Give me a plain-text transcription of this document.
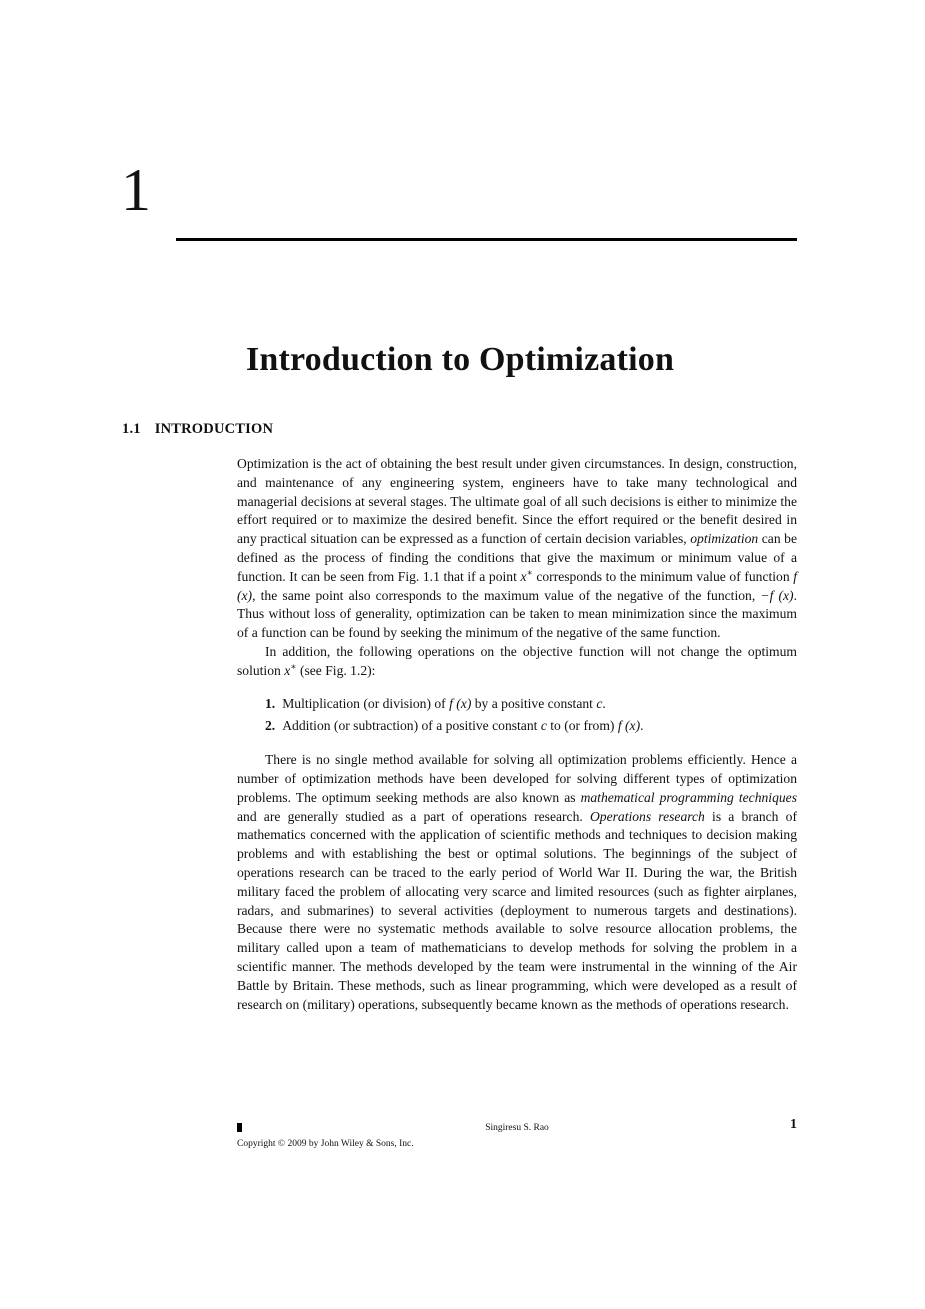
1
Introduction to Optimization
1.1 INTRODUCTION

Optimization is the act of obtaining the best result under given circumstances. In design, construction, and maintenance of any engineering system, engineers have to take many technological and managerial decisions at several stages. The ultimate goal of all such decisions is either to minimize the effort required or to maximize the desired benefit. Since the effort required or the benefit desired in any practical situation can be expressed as a function of certain decision variables, optimization can be defined as the process of finding the conditions that give the maximum or minimum value of a function. It can be seen from Fig. 1.1 that if a point x∗ corresponds to the minimum value of function f (x), the same point also corresponds to the maximum value of the negative of the function, −f (x). Thus without loss of generality, optimization can be taken to mean minimization since the maximum of a function can be found by seeking the minimum of the negative of the same function.

In addition, the following operations on the objective function will not change the optimum solution x∗ (see Fig. 1.2):

1. Multiplication (or division) of f (x) by a positive constant c.
2. Addition (or subtraction) of a positive constant c to (or from) f (x).

There is no single method available for solving all optimization problems efficiently. Hence a number of optimization methods have been developed for solving different types of optimization problems. The optimum seeking methods are also known as mathematical programming techniques and are generally studied as a part of operations research. Operations research is a branch of mathematics concerned with the application of scientific methods and techniques to decision making problems and with establishing the best or optimal solutions. The beginnings of the subject of operations research can be traced to the early period of World War II. During the war, the British military faced the problem of allocating very scarce and limited resources (such as fighter airplanes, radars, and submarines) to several activities (deployment to numerous targets and destinations). Because there were no systematic methods available to solve resource allocation problems, the military called upon a team of mathematicians to develop methods for solving the problem in a scientific manner. The methods developed by the team were instrumental in the winning of the Air Battle by Britain. These methods, such as linear programming, which were developed as a result of research on (military) operations, subsequently became known as the methods of operations research.

Singiresu S. Rao	1
Copyright © 2009 by John Wiley & Sons, Inc.
